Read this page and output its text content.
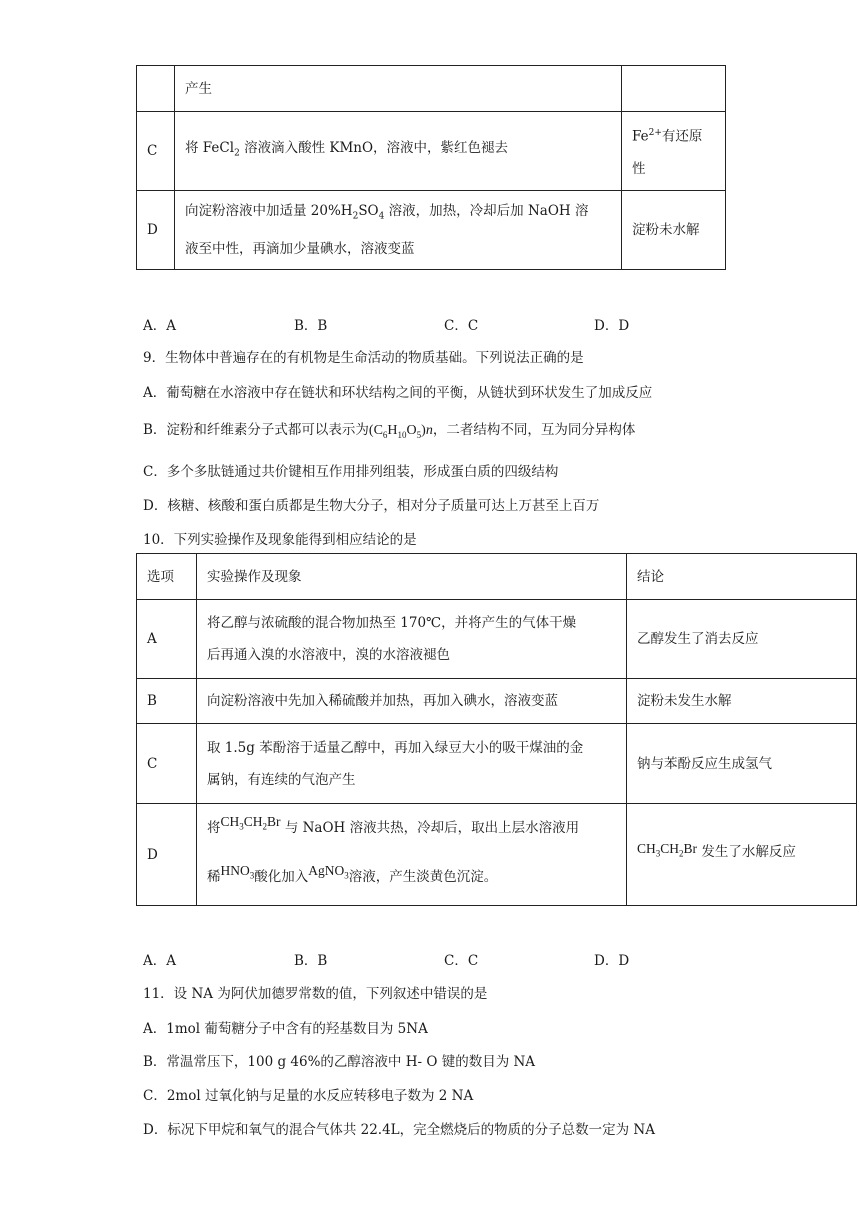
	产生	
C	将 FeCl$_2$ 溶液滴入酸性 KMnO，溶液中，紫红色褪去	$Fe^{2+}$有还原
性
D	向淀粉溶液中加适量 $20\%H_2SO_4$ 溶液，加热，冷却后加 NaOH 溶
液至中性，再滴加少量碘水，溶液变蓝	淀粉未水解
A．A	B．B	C．C	D．D
9．生物体中普遍存在的有机物是生命活动的物质基础。下列说法正确的是
A．葡萄糖在水溶液中存在链状和环状结构之间的平衡，从链状到环状发生了加成反应
B．淀粉和纤维素分子式都可以表示为$(C_6H_{10}O_5)n$，二者结构不同，互为同分异构体
C．多个多肽链通过共价键相互作用排列组装，形成蛋白质的四级结构
D．核糖、核酸和蛋白质都是生物大分子，相对分子质量可达上万甚至上百万
10．下列实验操作及现象能得到相应结论的是
选项	实验操作及现象	结论
A	将乙醇与浓硫酸的混合物加热至 170℃，并将产生的气体干燥
后再通入溴的水溶液中，溴的水溶液褪色	乙醇发生了消去反应
B	向淀粉溶液中先加入稀硫酸并加热，再加入碘水，溶液变蓝	淀粉未发生水解
C	取 1.5g 苯酚溶于适量乙醇中，再加入绿豆大小的吸干煤油的金
属钠，有连续的气泡产生	钠与苯酚反应生成氢气
D	将$CH_3CH_2Br$ 与 NaOH 溶液共热，冷却后，取出上层水溶液用
稀$HNO_3$酸化加入AgNO$_3$溶液，产生淡黄色沉淀。	$CH_3CH_2Br$ 发生了水解反应
A．A	B．B	C．C	D．D
11．设 NA 为阿伏加德罗常数的值，下列叙述中错误的是
A．1mol 葡萄糖分子中含有的羟基数目为 5NA
B．常温常压下，100 g 46%的乙醇溶液中 H- O 键的数目为 NA
C．2mol 过氧化钠与足量的水反应转移电子数为 2 NA
D．标况下甲烷和氧气的混合气体共 22.4L，完全燃烧后的物质的分子总数一定为 NA
